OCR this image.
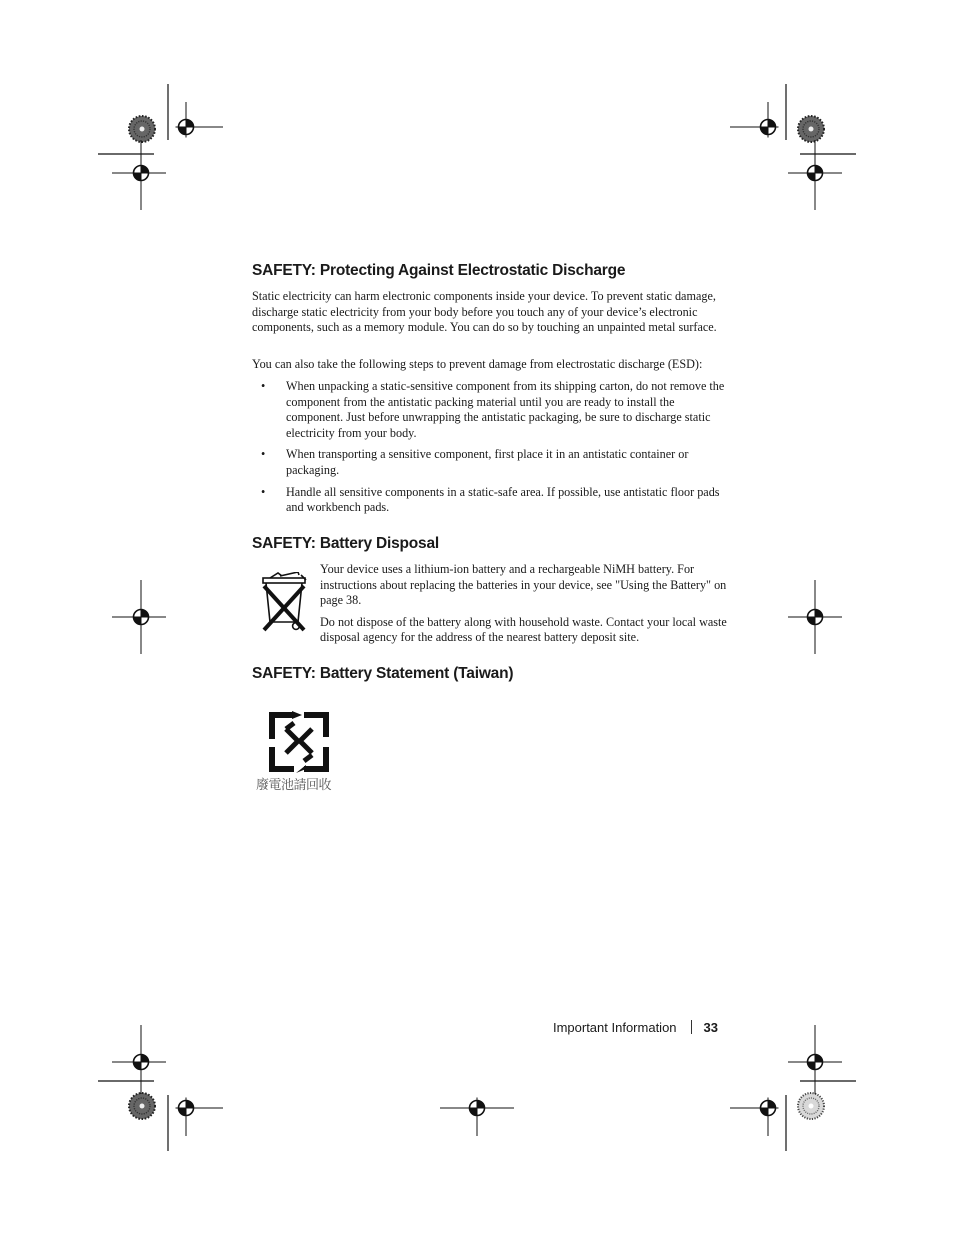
SAFETY: Protecting Against Electrostatic Discharge

Static electricity can harm electronic components inside your device. To prevent static damage, discharge static electricity from your body before you touch any of your device’s electronic components, such as a memory module. You can do so by touching an unpainted metal surface.

You can also take the following steps to prevent damage from electrostatic discharge (ESD):

• When unpacking a static-sensitive component from its shipping carton, do not remove the component from the antistatic packing material until you are ready to install the component. Just before unwrapping the antistatic packaging, be sure to discharge static electricity from your body.
• When transporting a sensitive component, first place it in an antistatic container or packaging.
• Handle all sensitive components in a static-safe area. If possible, use antistatic floor pads and workbench pads.
SAFETY: Battery Disposal

Your device uses a lithium-ion battery and a rechargeable NiMH battery. For instructions about replacing the batteries in your device, see "Using the Battery" on page 38.

Do not dispose of the battery along with household waste. Contact your local waste disposal agency for the address of the nearest battery deposit site.

SAFETY: Battery Statement (Taiwan)
廢電池請回收
Important Information 33
